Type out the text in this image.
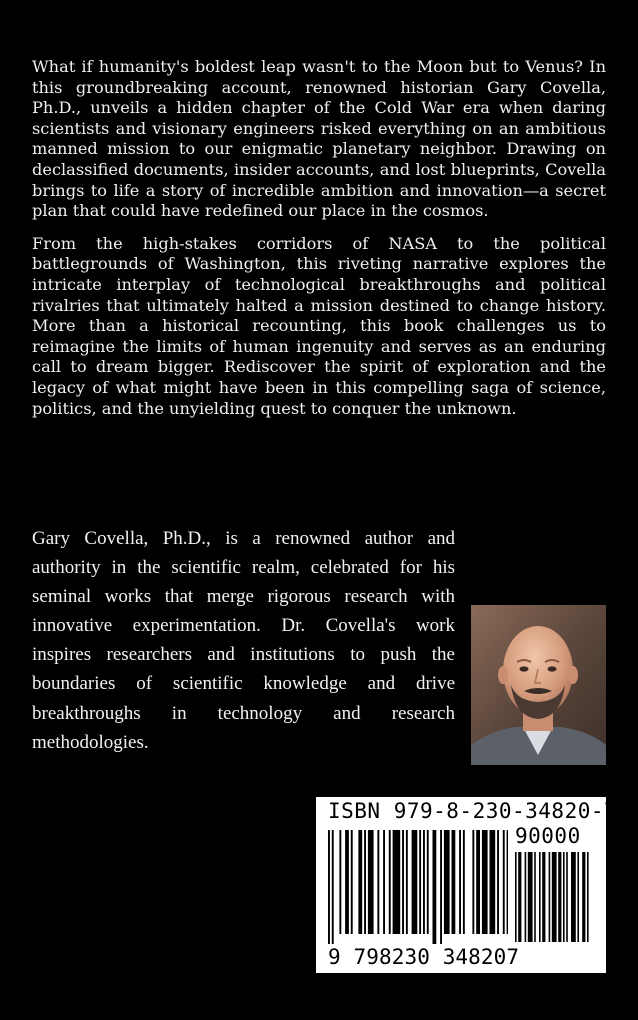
What if humanity's boldest leap wasn't to the Moon but to Venus? In this groundbreaking account, renowned historian Gary Covella, Ph.D., unveils a hidden chapter of the Cold War era when daring scientists and visionary engineers risked everything on an ambitious manned mission to our enigmatic planetary neighbor. Drawing on declassified documents, insider accounts, and lost blueprints, Covella brings to life a story of incredible ambition and innovation—a secret plan that could have redefined our place in the cosmos.

From the high-stakes corridors of NASA to the political battlegrounds of Washington, this riveting narrative explores the intricate interplay of technological breakthroughs and political rivalries that ultimately halted a mission destined to change history. More than a historical recounting, this book challenges us to reimagine the limits of human ingenuity and serves as an enduring call to dream bigger. Rediscover the spirit of exploration and the legacy of what might have been in this compelling saga of science, politics, and the unyielding quest to conquer the unknown.

Gary Covella, Ph.D., is a renowned author and authority in the scientific realm, celebrated for his seminal works that merge rigorous research with innovative experimentation. Dr. Covella's work inspires researchers and institutions to push the boundaries of scientific knowledge and drive breakthroughs in technology and research methodologies.

ISBN 979-8-230-34820-7
90000
9 798230 348207
